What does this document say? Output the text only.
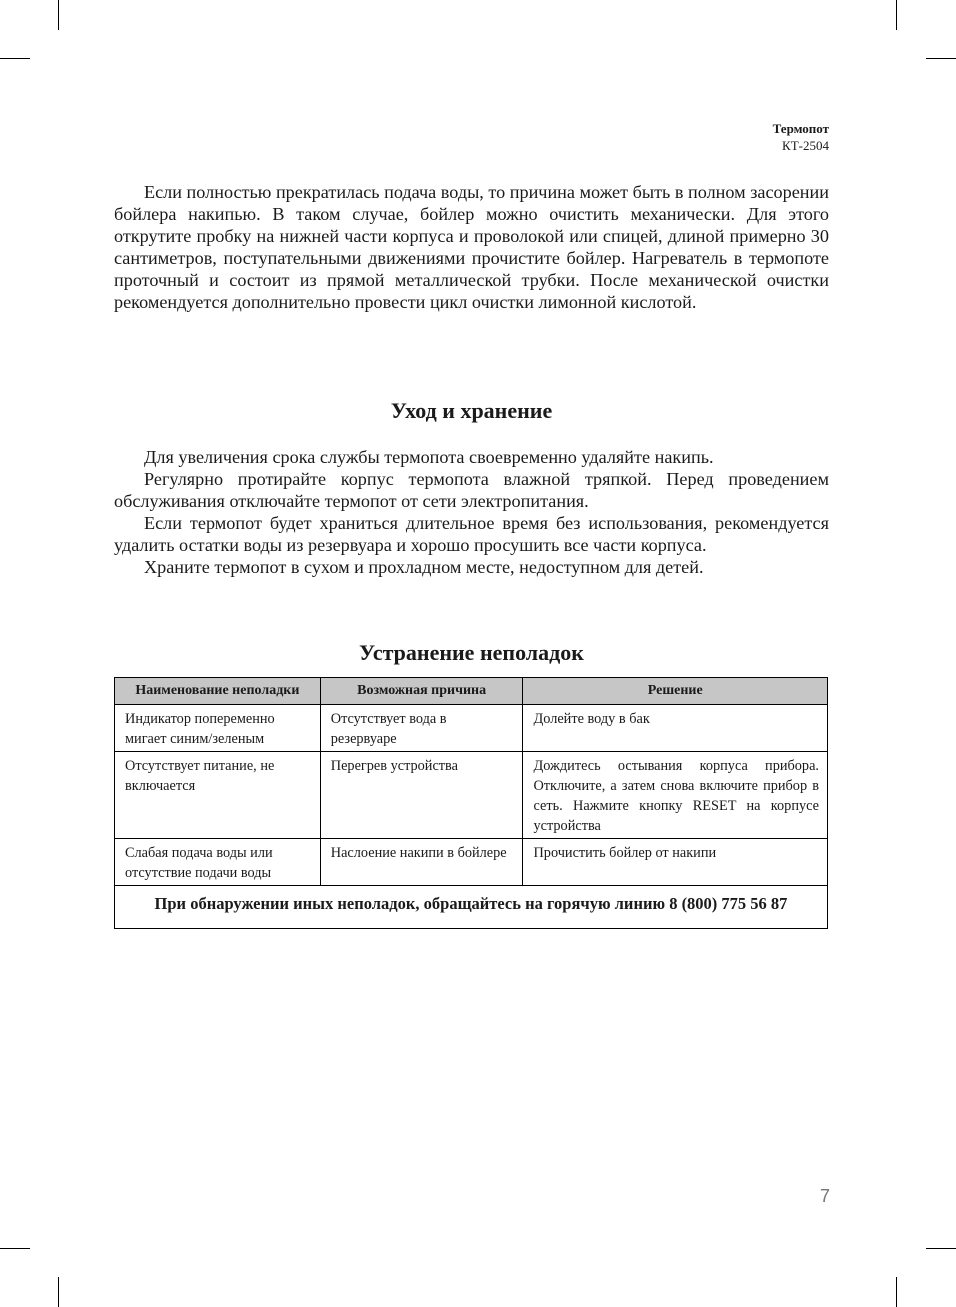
Термопот
КТ-2504

Если полностью прекратилась подача воды, то причина может быть в полном засорении бойлера накипью. В таком случае, бойлер можно очистить механически. Для этого открутите пробку на нижней части корпуса и проволокой или спицей, длиной примерно 30 сантиметров, поступательными движениями прочистите бойлер. Нагреватель в термопоте проточный и состоит из прямой металлической трубки. После механической очистки рекомендуется дополнительно провести цикл очистки лимонной кислотой.

Уход и хранение

Для увеличения срока службы термопота своевременно удаляйте накипь.

Регулярно протирайте корпус термопота влажной тряпкой. Перед проведением обслуживания отключайте термопот от сети электропитания.

Если термопот будет храниться длительное время без использования, рекомендуется удалить остатки воды из резервуара и хорошо просушить все части корпуса.

Храните термопот в сухом и прохладном месте, недоступном для детей.

Устранение неполадок
Наименование неполадки	Возможная причина	Решение
Индикатор попеременно мигает синим/зеленым	Отсутствует вода в резервуаре	Долейте воду в бак
Отсутствует питание, не включается	Перегрев устройства	Дождитесь остывания корпуса прибора. Отключите, а затем снова включите прибор в сеть. Нажмите кнопку RESET на корпусе устройства
Слабая подача воды или отсутствие подачи воды	Наслоение накипи в бойлере	Прочистить бойлер от накипи
При обнаружении иных неполадок, обращайтесь на горячую линию 8 (800) 775 56 87		
7
